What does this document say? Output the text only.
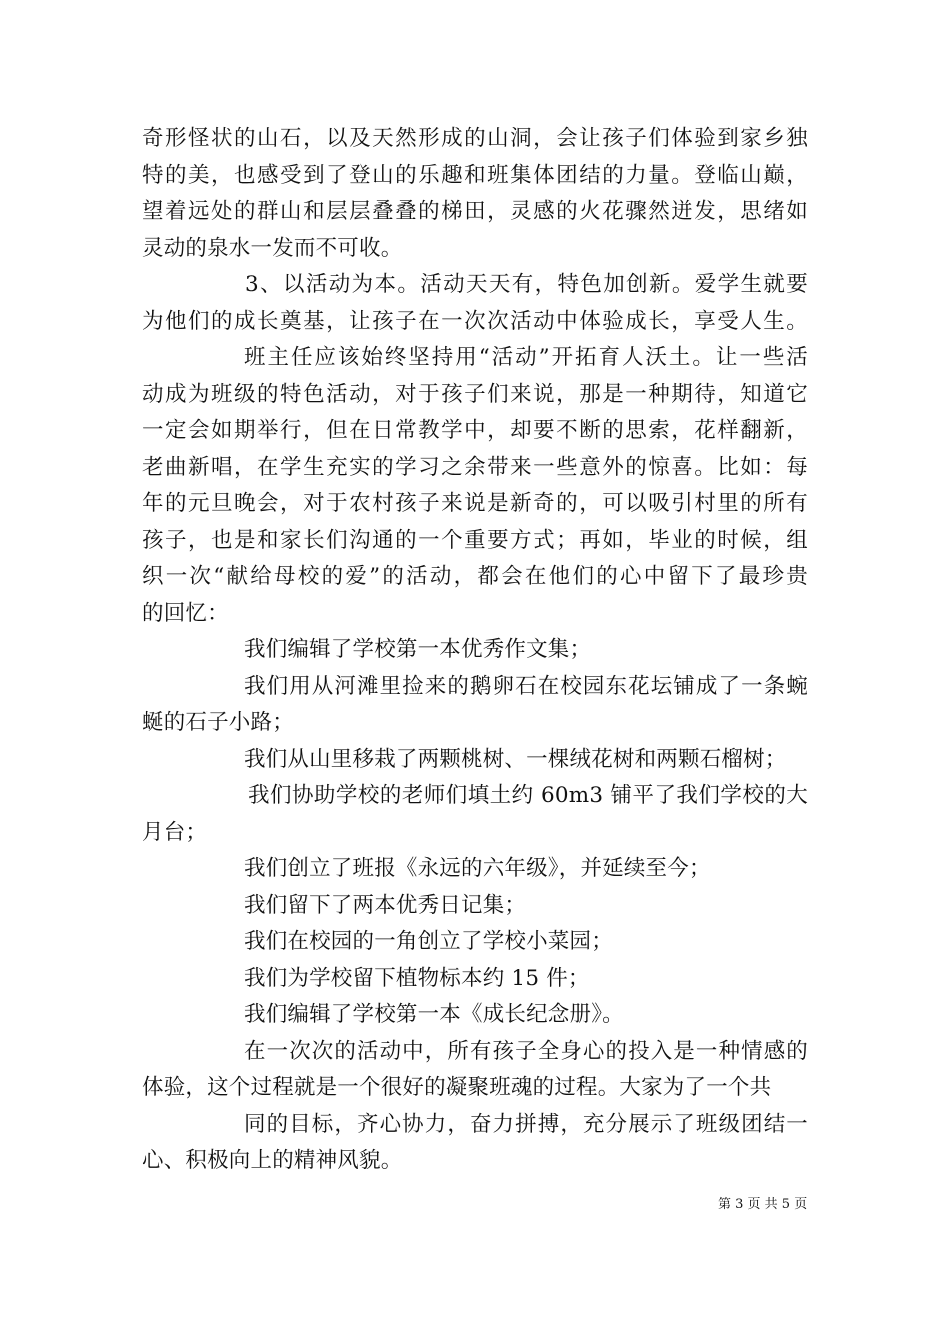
奇形怪状的山石，以及天然形成的山洞，会让孩子们体验到家乡独
特的美，也感受到了登山的乐趣和班集体团结的力量。登临山巅，
望着远处的群山和层层叠叠的梯田，灵感的火花骤然迸发，思绪如
灵动的泉水一发而不可收。
3、以活动为本。活动天天有，特色加创新。爱学生就要
为他们的成长奠基，让孩子在一次次活动中体验成长，享受人生。
班主任应该始终坚持用“活动”开拓育人沃土。让一些活
动成为班级的特色活动，对于孩子们来说，那是一种期待，知道它
一定会如期举行，但在日常教学中，却要不断的思索，花样翻新，
老曲新唱，在学生充实的学习之余带来一些意外的惊喜。比如：每
年的元旦晚会，对于农村孩子来说是新奇的，可以吸引村里的所有
孩子，也是和家长们沟通的一个重要方式；再如，毕业的时候，组
织一次“献给母校的爱”的活动，都会在他们的心中留下了最珍贵
的回忆：
我们编辑了学校第一本优秀作文集；
我们用从河滩里捡来的鹅卵石在校园东花坛铺成了一条蜿
蜒的石子小路；
我们从山里移栽了两颗桃树、一棵绒花树和两颗石榴树；
我们协助学校的老师们填土约 60m3 铺平了我们学校的大
月台；
我们创立了班报《永远的六年级》，并延续至今；
我们留下了两本优秀日记集；
我们在校园的一角创立了学校小菜园；
我们为学校留下植物标本约 15 件；
我们编辑了学校第一本《成长纪念册》。
在一次次的活动中，所有孩子全身心的投入是一种情感的
体验，这个过程就是一个很好的凝聚班魂的过程。大家为了一个共
同的目标，齐心协力，奋力拼搏，充分展示了班级团结一
心、积极向上的精神风貌。
第 3 页 共 5 页
